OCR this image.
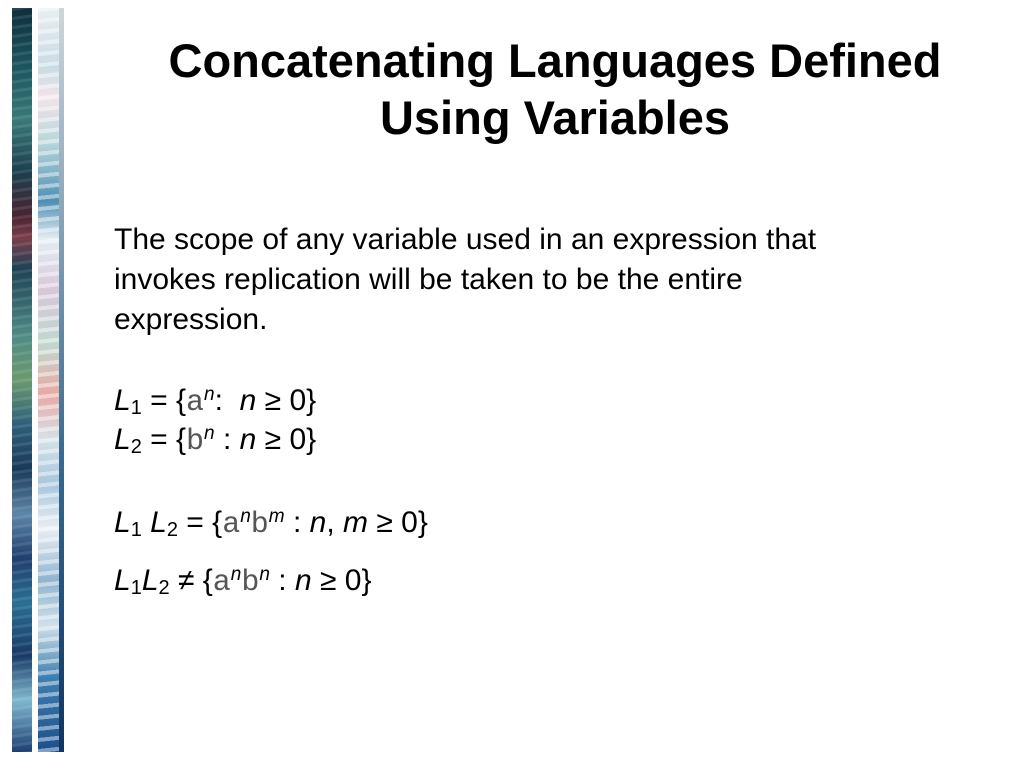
Concatenating Languages Defined
Using Variables
The scope of any variable used in an expression that
invokes replication will be taken to be the entire
expression.
$L_1 = \{a^n$:  n ≥ 0}
$L_2 = \{b^n$ : n ≥ 0}
$L_1$ $L_2 = \{a^nb^m$ : n, m ≥ 0}
$L_1L_2 \ne \{a^nb^n$ : n ≥ 0}
